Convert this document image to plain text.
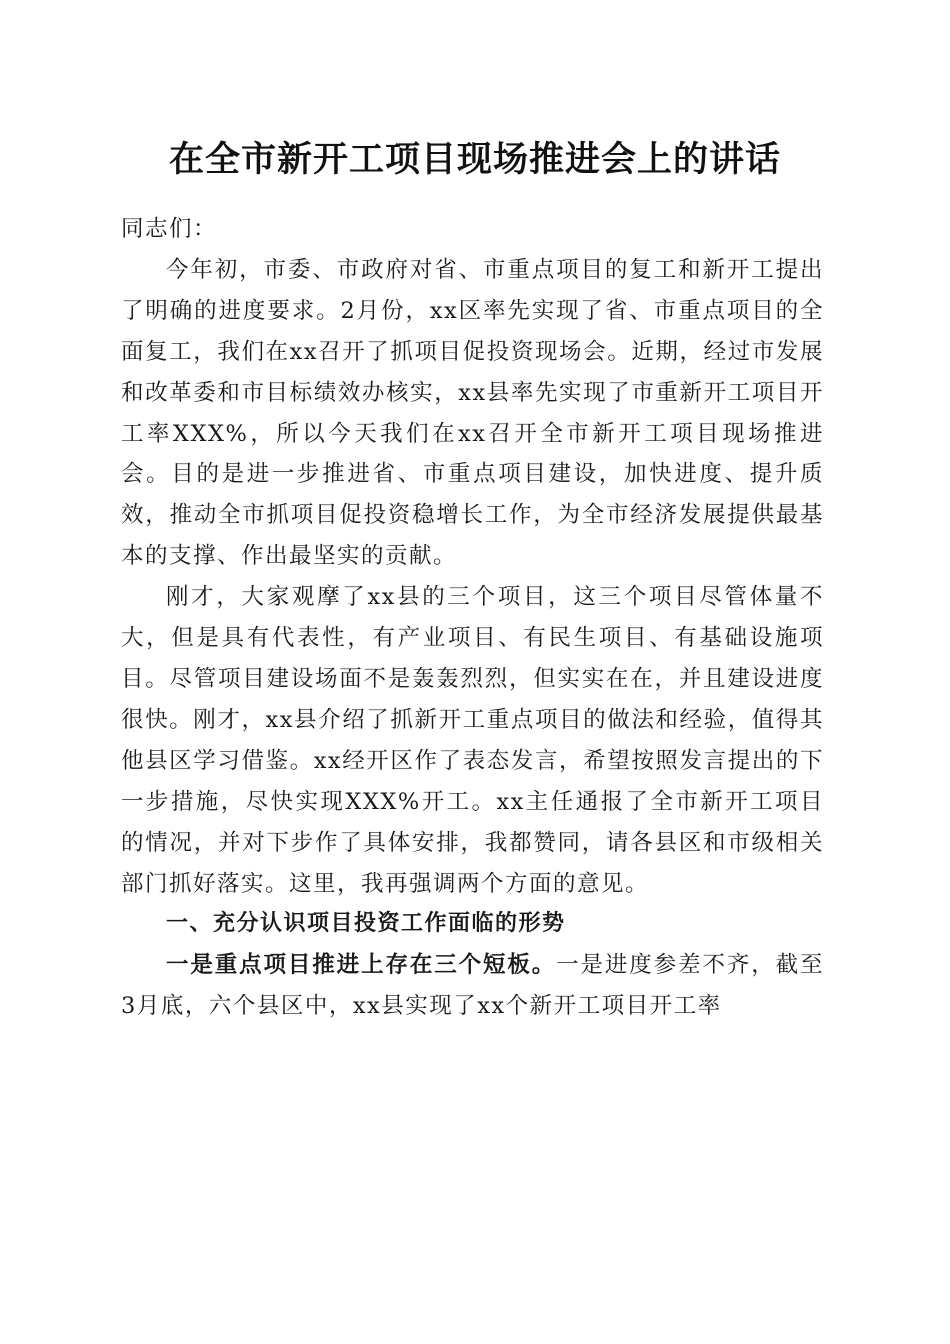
在全市新开工项目现场推进会上的讲话

同志们：

今年初，市委、市政府对省、市重点项目的复工和新开工提出了明确的进度要求。2月份，xx区率先实现了省、市重点项目的全面复工，我们在xx召开了抓项目促投资现场会。近期，经过市发展和改革委和市目标绩效办核实，xx县率先实现了市重新开工项目开工率XXX%，所以今天我们在xx召开全市新开工项目现场推进会。目的是进一步推进省、市重点项目建设，加快进度、提升质效，推动全市抓项目促投资稳增长工作，为全市经济发展提供最基本的支撑、作出最坚实的贡献。

刚才，大家观摩了xx县的三个项目，这三个项目尽管体量不大，但是具有代表性，有产业项目、有民生项目、有基础设施项目。尽管项目建设场面不是轰轰烈烈，但实实在在，并且建设进度很快。刚才，xx县介绍了抓新开工重点项目的做法和经验，值得其他县区学习借鉴。xx经开区作了表态发言，希望按照发言提出的下一步措施，尽快实现XXX%开工。xx主任通报了全市新开工项目的情况，并对下步作了具体安排，我都赞同，请各县区和市级相关部门抓好落实。这里，我再强调两个方面的意见。

一、充分认识项目投资工作面临的形势

一是重点项目推进上存在三个短板。一是进度参差不齐，截至3月底，六个县区中，xx县实现了xx个新开工项目开工率
